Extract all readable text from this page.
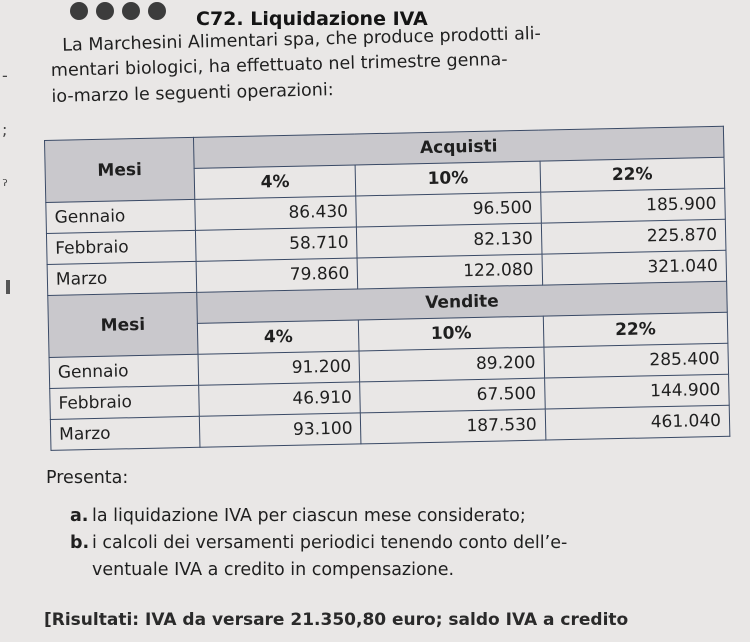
-
;
ˀ
C72. Liquidazione IVA
La Marchesini Alimentari spa, che produce prodotti ali-
mentari biologici, ha effettuato nel trimestre genna-
io-marzo le seguenti operazioni:
Mesi	Acquisti		
	4%	10%	22%
Gennaio	86.430	96.500	185.900
Febbraio	58.710	82.130	225.870
Marzo	79.860	122.080	321.040
Mesi	Vendite		
	4%	10%	22%
Gennaio	91.200	89.200	285.400
Febbraio	46.910	67.500	144.900
Marzo	93.100	187.530	461.040
Presenta:
a. la liquidazione IVA per ciascun mese considerato;
b. i calcoli dei versamenti periodici tenendo conto dell’e-
ventuale IVA a credito in compensazione.
[Risultati: IVA da versare 21.350,80 euro; saldo IVA a credito
